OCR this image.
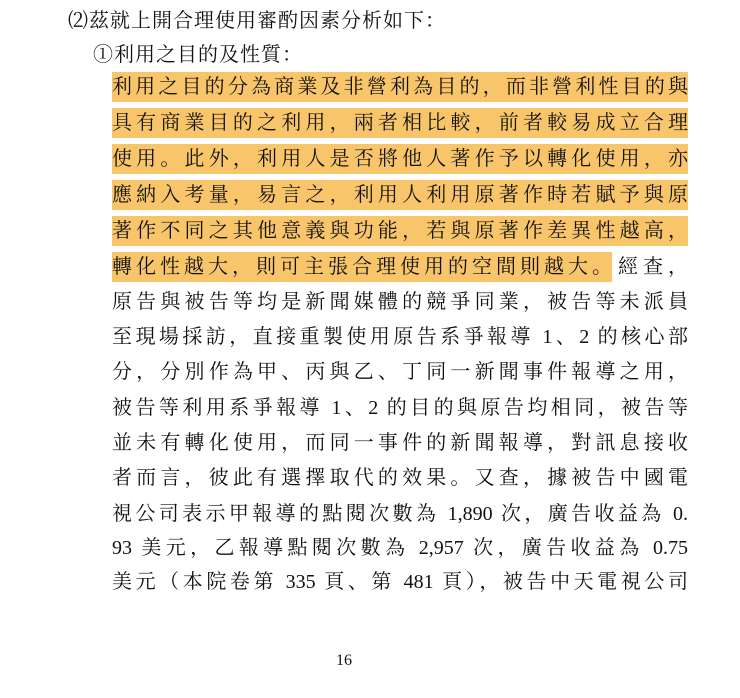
⑵茲就上開合理使用審酌因素分析如下：
①利用之目的及性質：
利用之目的分為商業及非營利為目的，而非營利性目的與
具有商業目的之利用，兩者相比較，前者較易成立合理
使用。此外，利用人是否將他人著作予以轉化使用，亦
應納入考量，易言之，利用人利用原著作時若賦予與原
著作不同之其他意義與功能，若與原著作差異性越高，
轉化性越大，則可主張合理使用的空間則越大。 經查，
原告與被告等均是新聞媒體的競爭同業，被告等未派員
至現場採訪，直接重製使用原告系爭報導 1、2 的核心部
分，分別作為甲、丙與乙、丁同一新聞事件報導之用，
被告等利用系爭報導 1、2 的目的與原告均相同，被告等
並未有轉化使用，而同一事件的新聞報導，對訊息接收
者而言，彼此有選擇取代的效果。又查，據被告中國電
視公司表示甲報導的點閱次數為 1,890 次，廣告收益為 0.
93 美元，乙報導點閱次數為 2,957 次，廣告收益為 0.75
美元（本院卷第 335 頁、第 481 頁），被告中天電視公司
16
